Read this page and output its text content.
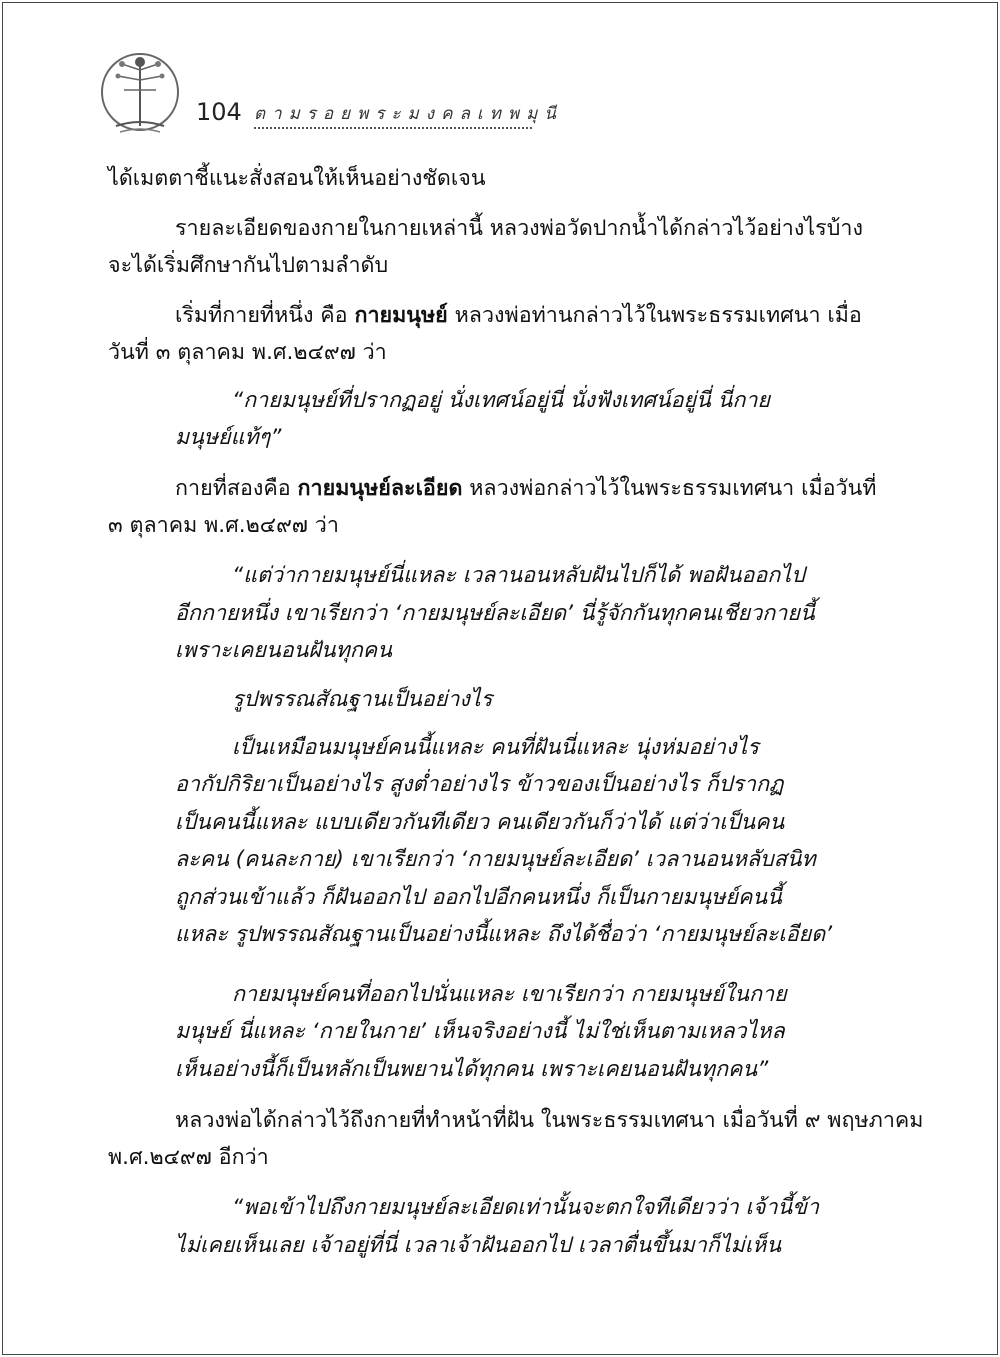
104 ตามรอยพระมงคลเทพมุนี

ได้เมตตาชี้แนะสั่งสอนให้เห็นอย่างชัดเจน

รายละเอียดของกายในกายเหล่านี้ หลวงพ่อวัดปากน้ำได้กล่าวไว้อย่างไรบ้าง

จะได้เริ่มศึกษากันไปตามลำดับ

เริ่มที่กายที่หนึ่ง คือ กายมนุษย์ หลวงพ่อท่านกล่าวไว้ในพระธรรมเทศนา เมื่อ

วันที่ ๓ ตุลาคม พ.ศ.๒๔๙๗ ว่า

“กายมนุษย์ที่ปรากฏอยู่ นั่งเทศน์อยู่นี่ นั่งฟังเทศน์อยู่นี่ นี่กาย

มนุษย์แท้ๆ”

กายที่สองคือ กายมนุษย์ละเอียด หลวงพ่อกล่าวไว้ในพระธรรมเทศนา เมื่อวันที่

๓ ตุลาคม พ.ศ.๒๔๙๗ ว่า

“แต่ว่ากายมนุษย์นี่แหละ เวลานอนหลับฝันไปก็ได้ พอฝันออกไป

อีกกายหนึ่ง เขาเรียกว่า ‘กายมนุษย์ละเอียด’ นี่รู้จักกันทุกคนเชียวกายนี้

เพราะเคยนอนฝันทุกคน

รูปพรรณสัณฐานเป็นอย่างไร

เป็นเหมือนมนุษย์คนนี้แหละ คนที่ฝันนี่แหละ นุ่งห่มอย่างไร

อากัปกิริยาเป็นอย่างไร สูงต่ำอย่างไร ข้าวของเป็นอย่างไร ก็ปรากฏ

เป็นคนนี้แหละ แบบเดียวกันทีเดียว คนเดียวกันก็ว่าได้ แต่ว่าเป็นคน

ละคน (คนละกาย) เขาเรียกว่า ‘กายมนุษย์ละเอียด’ เวลานอนหลับสนิท

ถูกส่วนเข้าแล้ว ก็ฝันออกไป ออกไปอีกคนหนึ่ง ก็เป็นกายมนุษย์คนนี้

แหละ รูปพรรณสัณฐานเป็นอย่างนี้แหละ ถึงได้ชื่อว่า ‘กายมนุษย์ละเอียด’

กายมนุษย์คนที่ออกไปนั่นแหละ เขาเรียกว่า กายมนุษย์ในกาย

มนุษย์ นี่แหละ ‘กายในกาย’ เห็นจริงอย่างนี้ ไม่ใช่เห็นตามเหลวไหล

เห็นอย่างนี้ก็เป็นหลักเป็นพยานได้ทุกคน เพราะเคยนอนฝันทุกคน”

หลวงพ่อได้กล่าวไว้ถึงกายที่ทำหน้าที่ฝัน ในพระธรรมเทศนา เมื่อวันที่ ๙ พฤษภาคม

พ.ศ.๒๔๙๗ อีกว่า

“พอเข้าไปถึงกายมนุษย์ละเอียดเท่านั้นจะตกใจทีเดียวว่า เจ้านี้ข้า

ไม่เคยเห็นเลย เจ้าอยู่ที่นี่ เวลาเจ้าฝันออกไป เวลาตื่นขึ้นมาก็ไม่เห็น
